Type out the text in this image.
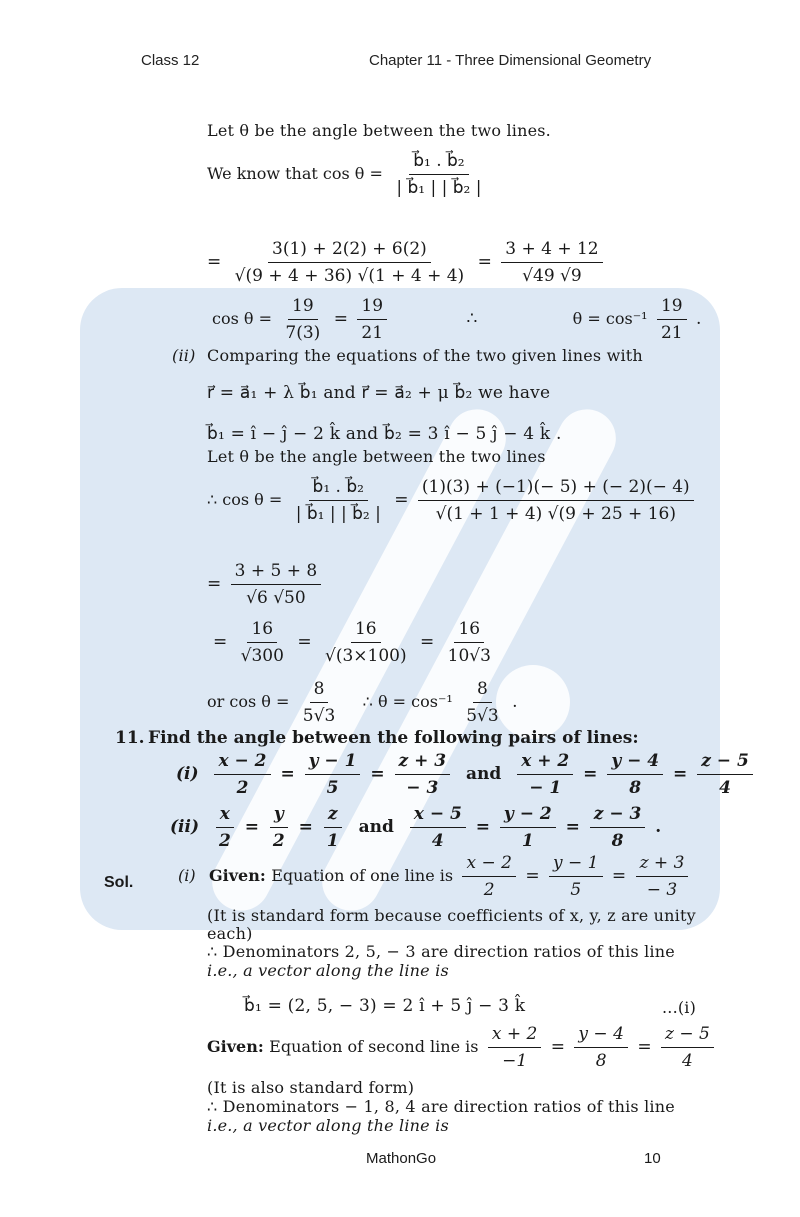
Class 12	Chapter 11 - Three Dimensional Geometry
Let θ be the angle between the two lines.
We know that $\cos \theta = \frac{\text{b⃗₁ . b⃗₂}}{\text{| b⃗₁ | | b⃗₂ |}}$
= $\frac{3(1) + 2(2) + 6(2)}{√(9 + 4 + 36) √(1 + 4 + 4)} = \frac{3 + 4 + 12}{√49 √9}$
$\cos \theta = \frac{19}{7(3)} = \frac{19}{21}$	∴	$\theta = \cos^{-1} \frac{19}{21}$ .
(ii) Comparing the equations of the two given lines with
r⃗ = a⃗₁ + λ b⃗₁ and r⃗ = a⃗₂ + μ b⃗₂ we have
b⃗₁ = î − ĵ − 2 k̂ and b⃗₂ = 3 î − 5 ĵ − 4 k̂ .
Let θ be the angle between the two lines
∴ $\cos \theta = \frac{\text{b⃗₁ . b⃗₂}}{\text{| b⃗₁ | | b⃗₂ |}} = \frac{(1)(3) + (-1)(- 5) + (- 2)(- 4)}{√(1 + 1 + 4) √(9 + 25 + 16)}$
= $\frac{3 + 5 + 8}{√6 √50}$
= $\frac{16}{√300} = \frac{16}{√(3\times 100)} = \frac{16}{10√3}$
or $\cos \theta = \frac{8}{5√3}$ ∴ $\theta = \cos^{-1} \frac{8}{5√3}$ .
11. Find the angle between the following pairs of lines:
$(i) \frac{x - 2}{2} = \frac{y - 1}{5} = \frac{z + 3}{- 3}$ and $\frac{x + 2}{- 1} = \frac{y - 4}{8} = \frac{z - 5}{4}$
$(ii) \frac{x}{2} = \frac{y}{2} = \frac{z}{1}$ and $\frac{x - 5}{4} = \frac{y - 2}{1} = \frac{z - 3}{8}$ .
Sol.	(i) Given: Equation of one line is $\frac{x - 2}{2} = \frac{y - 1}{5} = \frac{z + 3}{- 3}$
(It is standard form because coefficients of x, y, z are unity
each)
∴ Denominators 2, 5, − 3 are direction ratios of this line
i.e., a vector along the line is
b⃗₁ = (2, 5, − 3) = 2 î + 5 ĵ − 3 k̂	...(i)
Given: Equation of second line is $\frac{x + 2}{-1} = \frac{y - 4}{8} = \frac{z - 5}{4}$
(It is also standard form)
∴ Denominators − 1, 8, 4 are direction ratios of this line
i.e., a vector along the line is
MathonGo	10
